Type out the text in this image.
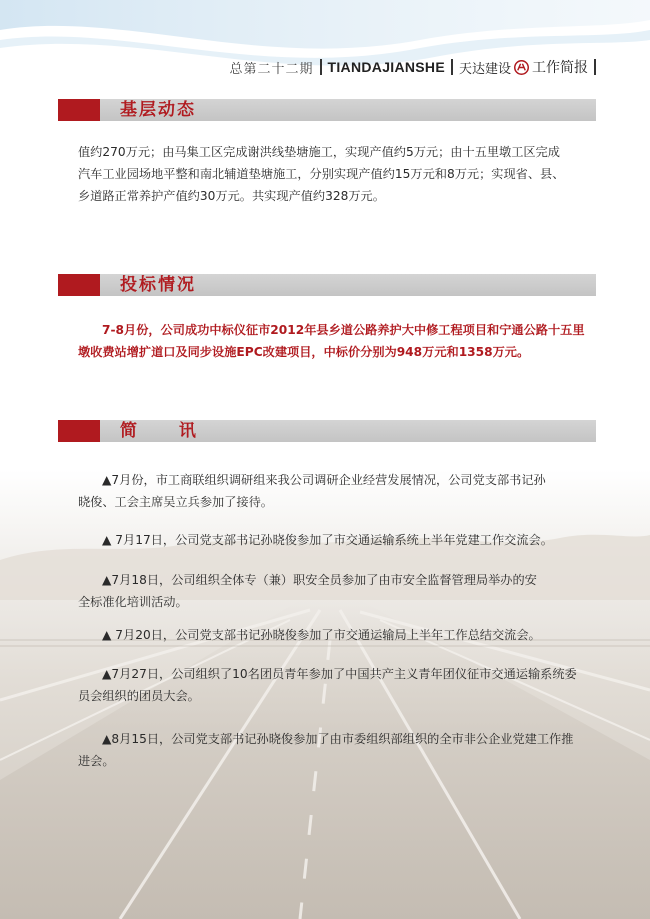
总第二十二期 TIANDAJIANSHE 天达建设 工作简报
基层动态
值约270万元；由马集工区完成谢洪线垫塘施工，实现产值约5万元；由十五里墩工区完成
汽车工业园场地平整和南北辅道垫塘施工，分别实现产值约15万元和8万元；实现省、县、
乡道路正常养护产值约30万元。共实现产值约328万元。
投标情况
7-8月份，公司成功中标仪征市2012年县乡道公路养护大中修工程项目和宁通公路十五里
墩收费站增扩道口及同步设施EPC改建项目，中标价分别为948万元和1358万元。
简 讯
▲7月份，市工商联组织调研组来我公司调研企业经营发展情况，公司党支部书记孙
晓俊、工会主席吴立兵参加了接待。
▲ 7月17日，公司党支部书记孙晓俊参加了市交通运输系统上半年党建工作交流会。
▲7月18日，公司组织全体专（兼）职安全员参加了由市安全监督管理局举办的安
全标准化培训活动。
▲ 7月20日，公司党支部书记孙晓俊参加了市交通运输局上半年工作总结交流会。
▲7月27日，公司组织了10名团员青年参加了中国共产主义青年团仪征市交通运输系统委
员会组织的团员大会。
▲8月15日，公司党支部书记孙晓俊参加了由市委组织部组织的全市非公企业党建工作推
进会。
